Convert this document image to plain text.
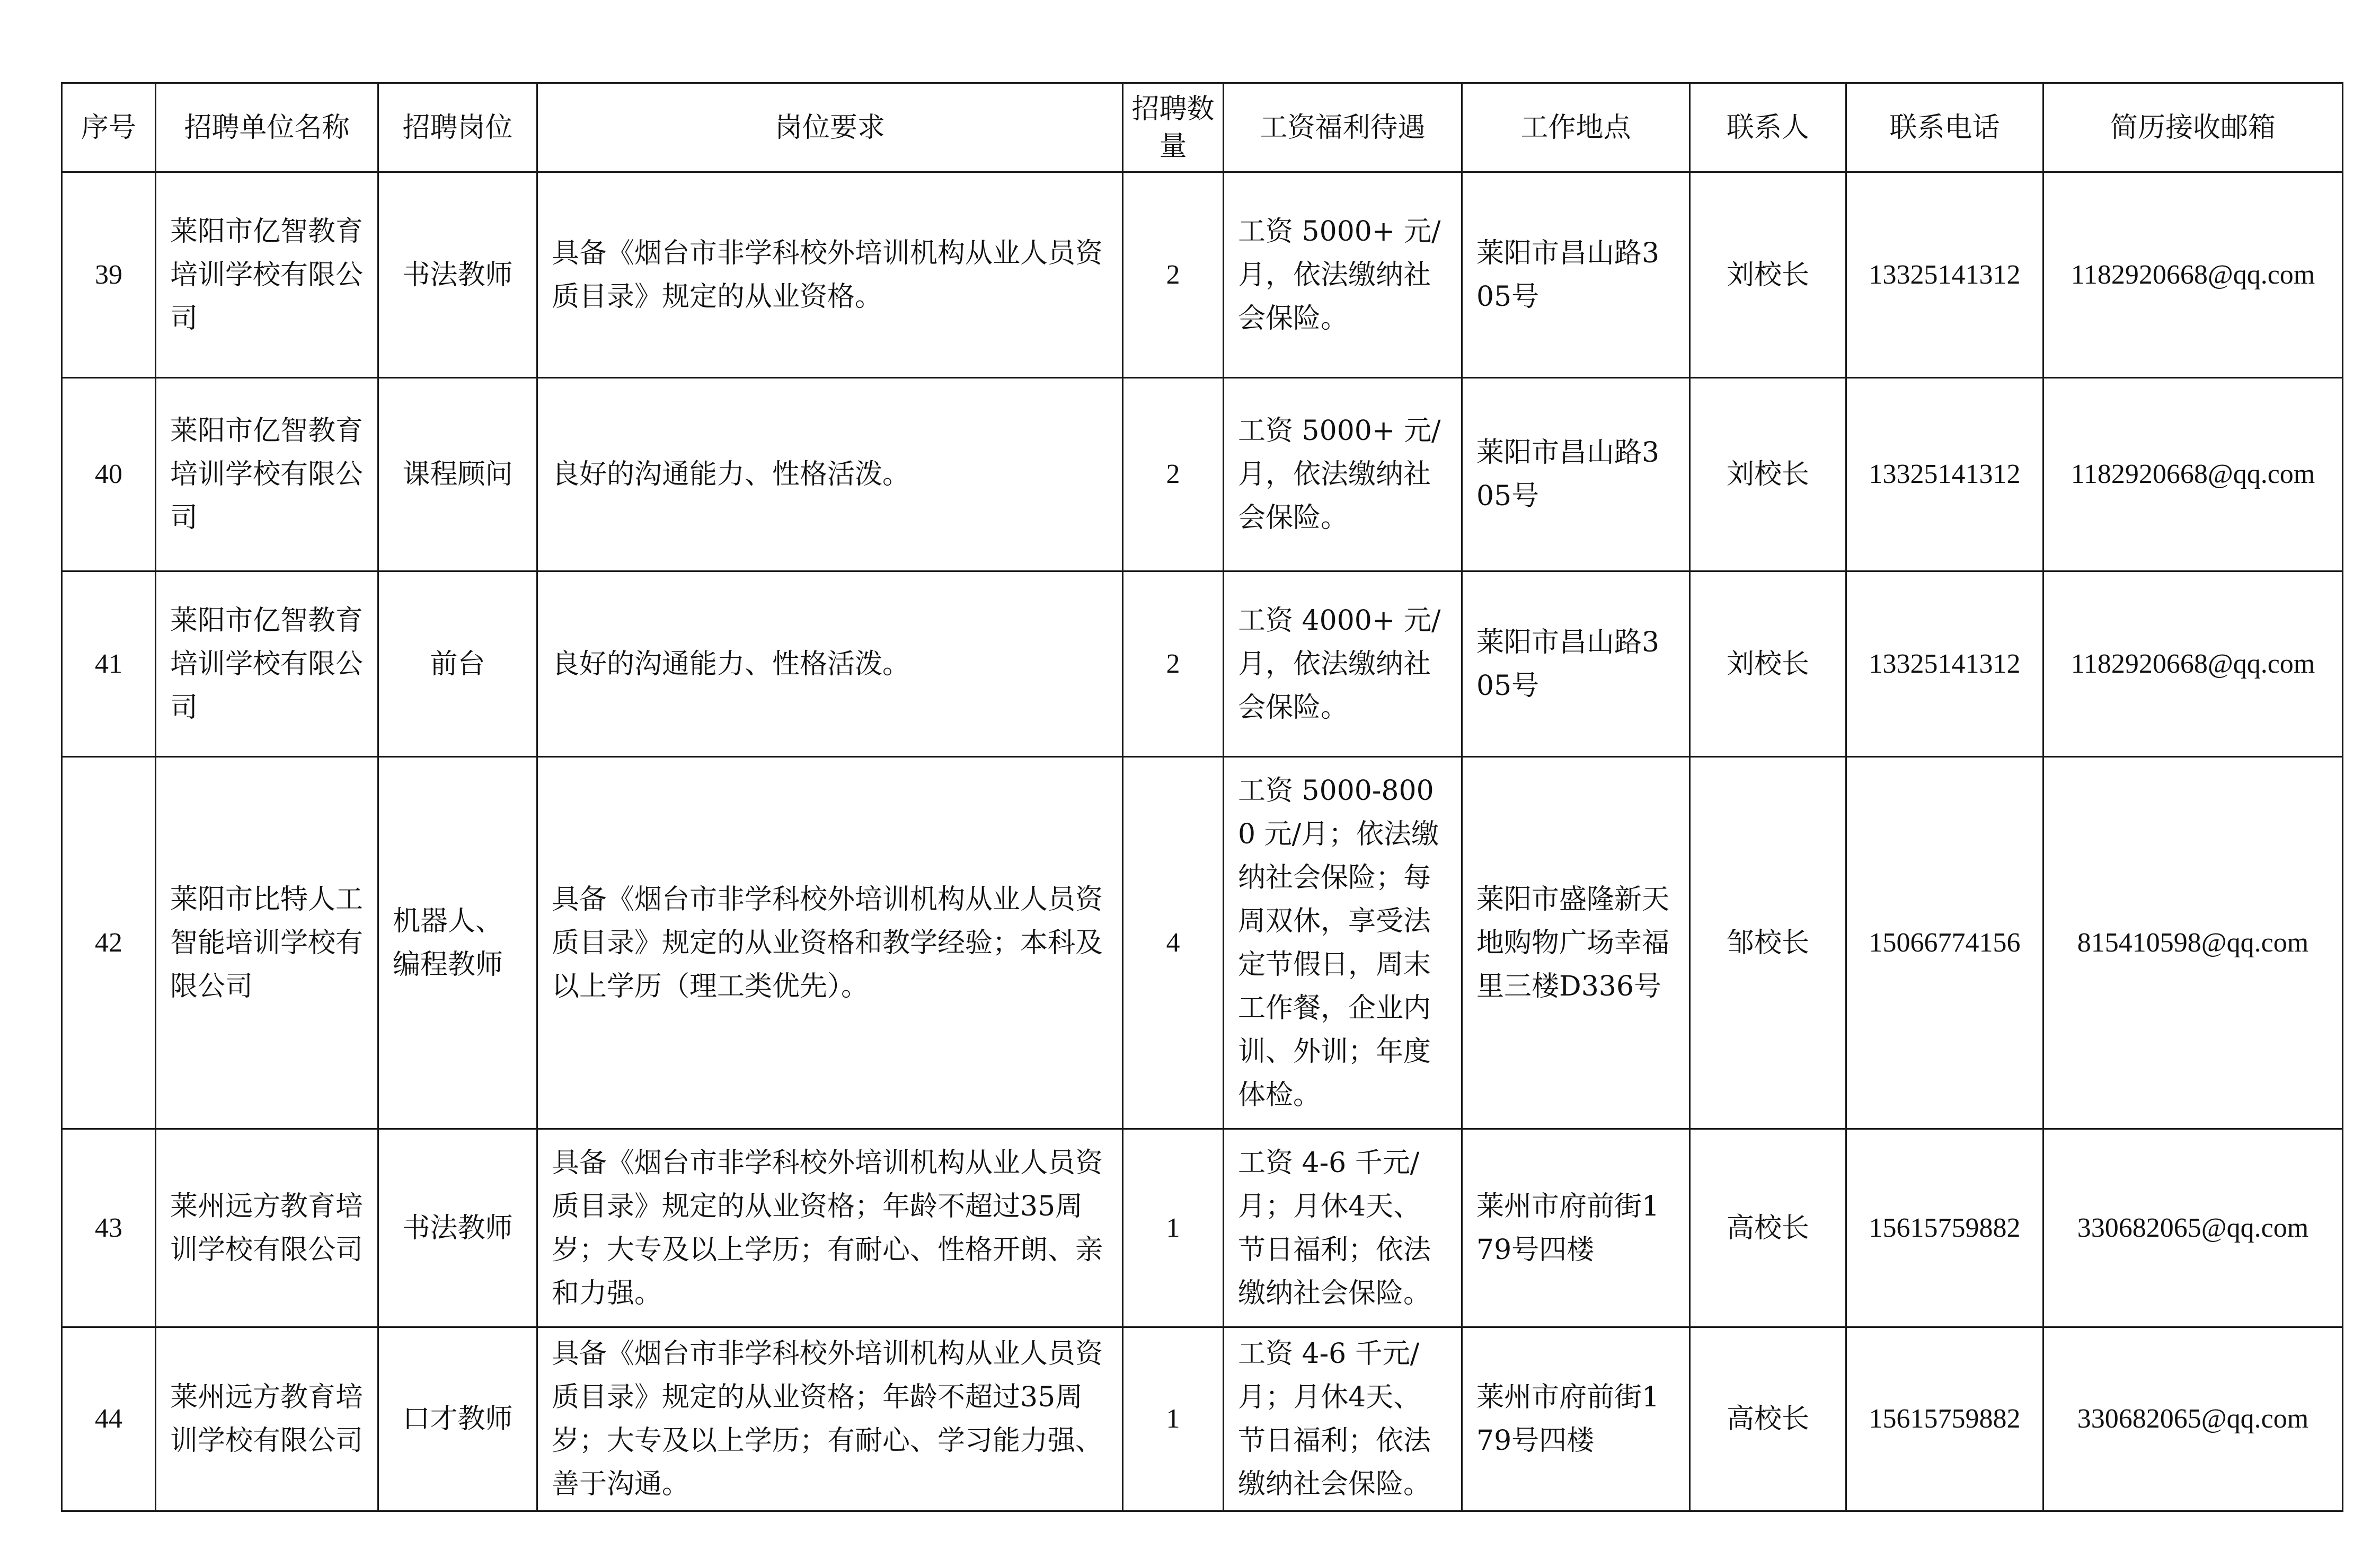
序号	招聘单位名称	招聘岗位	岗位要求	招聘数量	工资福利待遇	工作地点	联系人	联系电话	简历接收邮箱
39	莱阳市亿智教育培训学校有限公司	书法教师	具备《烟台市非学科校外培训机构从业人员资质目录》规定的从业资格。	2	工资 5000+ 元/月，依法缴纳社会保险。	莱阳市昌山路305号	刘校长	13325141312	1182920668@qq.com
40	莱阳市亿智教育培训学校有限公司	课程顾问	良好的沟通能力、性格活泼。	2	工资 5000+ 元/月，依法缴纳社会保险。	莱阳市昌山路305号	刘校长	13325141312	1182920668@qq.com
41	莱阳市亿智教育培训学校有限公司	前台	良好的沟通能力、性格活泼。	2	工资 4000+ 元/月，依法缴纳社会保险。	莱阳市昌山路305号	刘校长	13325141312	1182920668@qq.com
42	莱阳市比特人工智能培训学校有限公司	机器人、编程教师	具备《烟台市非学科校外培训机构从业人员资质目录》规定的从业资格和教学经验；本科及以上学历（理工类优先）。	4	工资 5000-8000 元/月；依法缴纳社会保险；每周双休，享受法定节假日，周末工作餐，企业内训、外训；年度体检。	莱阳市盛隆新天地购物广场幸福里三楼D336号	邹校长	15066774156	815410598@qq.com
43	莱州远方教育培训学校有限公司	书法教师	具备《烟台市非学科校外培训机构从业人员资质目录》规定的从业资格；年龄不超过35周岁；大专及以上学历；有耐心、性格开朗、亲和力强。	1	工资 4-6 千元/月；月休4天、节日福利；依法缴纳社会保险。	莱州市府前街179号四楼	高校长	15615759882	330682065@qq.com
44	莱州远方教育培训学校有限公司	口才教师	具备《烟台市非学科校外培训机构从业人员资质目录》规定的从业资格；年龄不超过35周岁；大专及以上学历；有耐心、学习能力强、善于沟通。	1	工资 4-6 千元/月；月休4天、节日福利；依法缴纳社会保险。	莱州市府前街179号四楼	高校长	15615759882	330682065@qq.com
